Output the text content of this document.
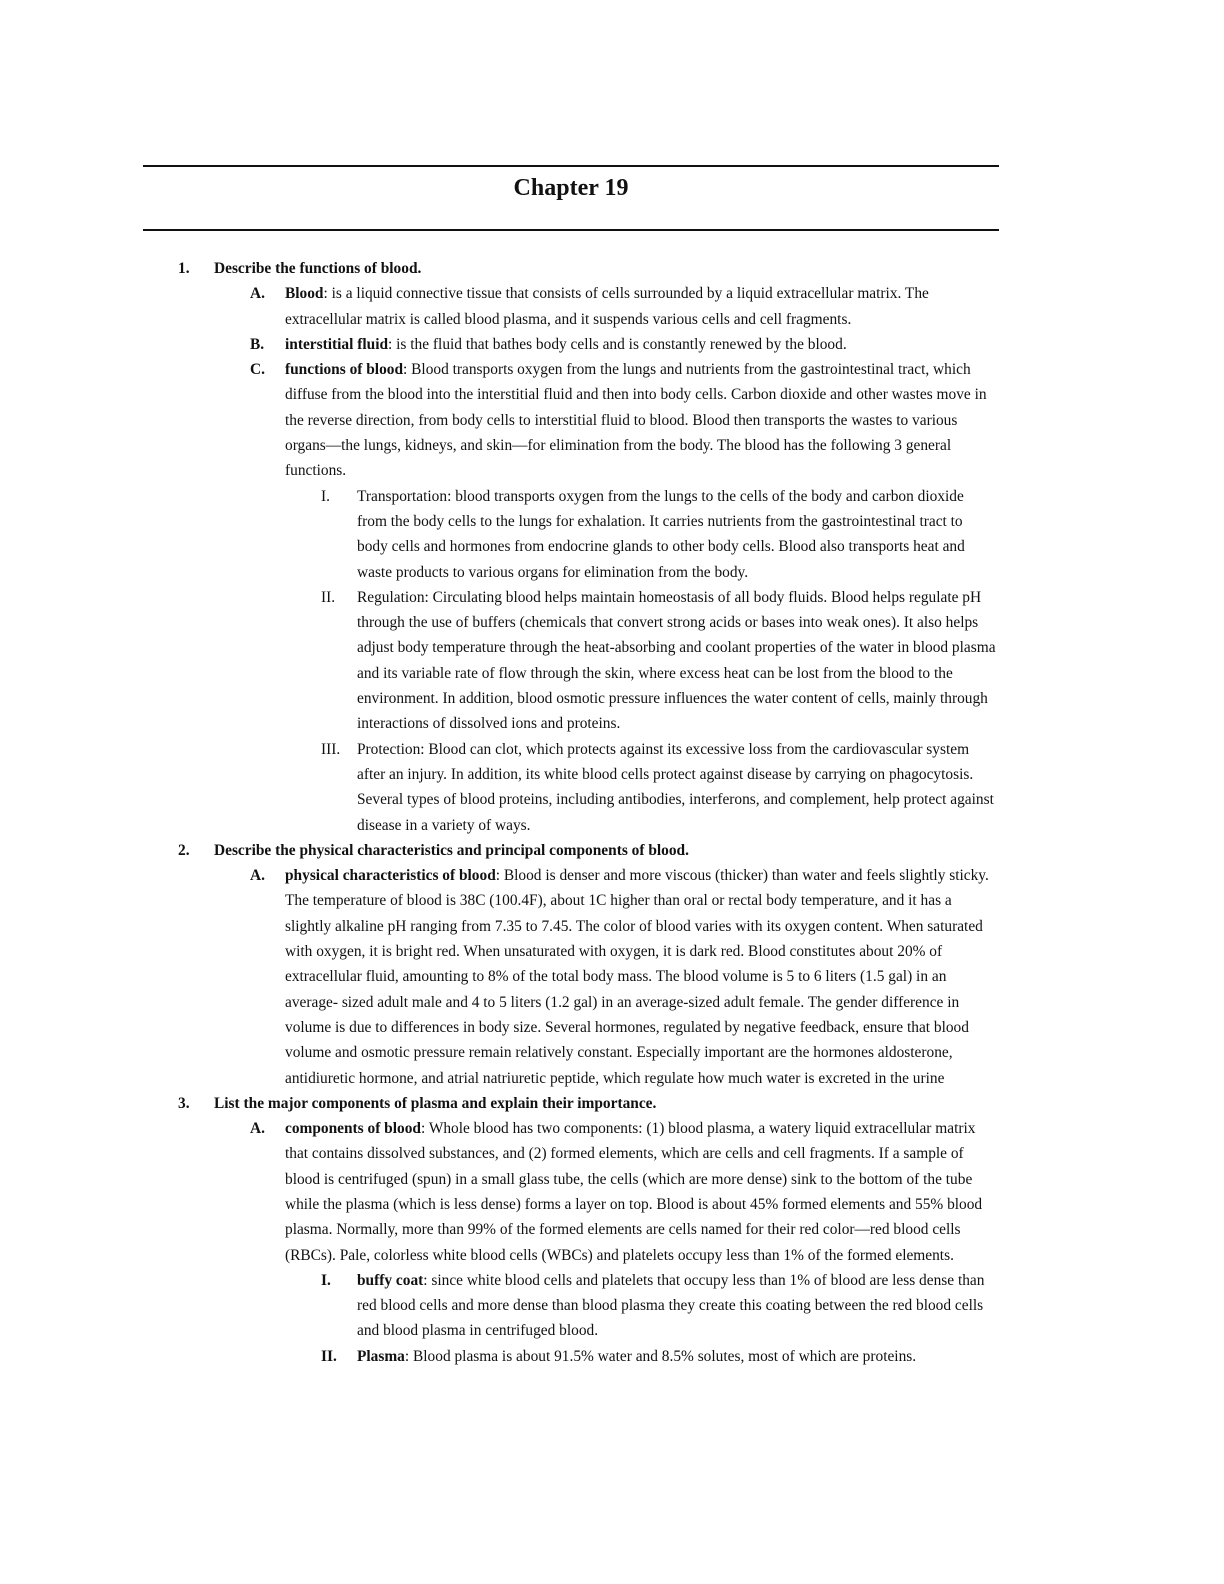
Chapter 19
1. Describe the functions of blood.
A. Blood: is a liquid connective tissue that consists of cells surrounded by a liquid extracellular matrix. The extracellular matrix is called blood plasma, and it suspends various cells and cell fragments.
B. interstitial fluid: is the fluid that bathes body cells and is constantly renewed by the blood.
C. functions of blood: Blood transports oxygen from the lungs and nutrients from the gastrointestinal tract, which diffuse from the blood into the interstitial fluid and then into body cells. Carbon dioxide and other wastes move in the reverse direction, from body cells to interstitial fluid to blood. Blood then transports the wastes to various organs—the lungs, kidneys, and skin—for elimination from the body. The blood has the following 3 general functions.
I. Transportation: blood transports oxygen from the lungs to the cells of the body and carbon dioxide from the body cells to the lungs for exhalation. It carries nutrients from the gastrointestinal tract to body cells and hormones from endocrine glands to other body cells. Blood also transports heat and waste products to various organs for elimination from the body.
II. Regulation: Circulating blood helps maintain homeostasis of all body fluids. Blood helps regulate pH through the use of buffers (chemicals that convert strong acids or bases into weak ones). It also helps adjust body temperature through the heat-absorbing and coolant properties of the water in blood plasma and its variable rate of flow through the skin, where excess heat can be lost from the blood to the environment. In addition, blood osmotic pressure influences the water content of cells, mainly through interactions of dissolved ions and proteins.
III. Protection: Blood can clot, which protects against its excessive loss from the cardiovascular system after an injury. In addition, its white blood cells protect against disease by carrying on phagocytosis. Several types of blood proteins, including antibodies, interferons, and complement, help protect against disease in a variety of ways.
2. Describe the physical characteristics and principal components of blood.
A. physical characteristics of blood: Blood is denser and more viscous (thicker) than water and feels slightly sticky. The temperature of blood is 38C (100.4F), about 1C higher than oral or rectal body temperature, and it has a slightly alkaline pH ranging from 7.35 to 7.45. The color of blood varies with its oxygen content. When saturated with oxygen, it is bright red. When unsaturated with oxygen, it is dark red. Blood constitutes about 20% of extracellular fluid, amounting to 8% of the total body mass. The blood volume is 5 to 6 liters (1.5 gal) in an average- sized adult male and 4 to 5 liters (1.2 gal) in an average-sized adult female. The gender difference in volume is due to differences in body size. Several hormones, regulated by negative feedback, ensure that blood volume and osmotic pressure remain relatively constant. Especially important are the hormones aldosterone, antidiuretic hormone, and atrial natriuretic peptide, which regulate how much water is excreted in the urine
3. List the major components of plasma and explain their importance.
A. components of blood: Whole blood has two components: (1) blood plasma, a watery liquid extracellular matrix that contains dissolved substances, and (2) formed elements, which are cells and cell fragments. If a sample of blood is centrifuged (spun) in a small glass tube, the cells (which are more dense) sink to the bottom of the tube while the plasma (which is less dense) forms a layer on top. Blood is about 45% formed elements and 55% blood plasma. Normally, more than 99% of the formed elements are cells named for their red color—red blood cells (RBCs). Pale, colorless white blood cells (WBCs) and platelets occupy less than 1% of the formed elements.
I. buffy coat: since white blood cells and platelets that occupy less than 1% of blood are less dense than red blood cells and more dense than blood plasma they create this coating between the red blood cells and blood plasma in centrifuged blood.
II. Plasma: Blood plasma is about 91.5% water and 8.5% solutes, most of which are proteins.
